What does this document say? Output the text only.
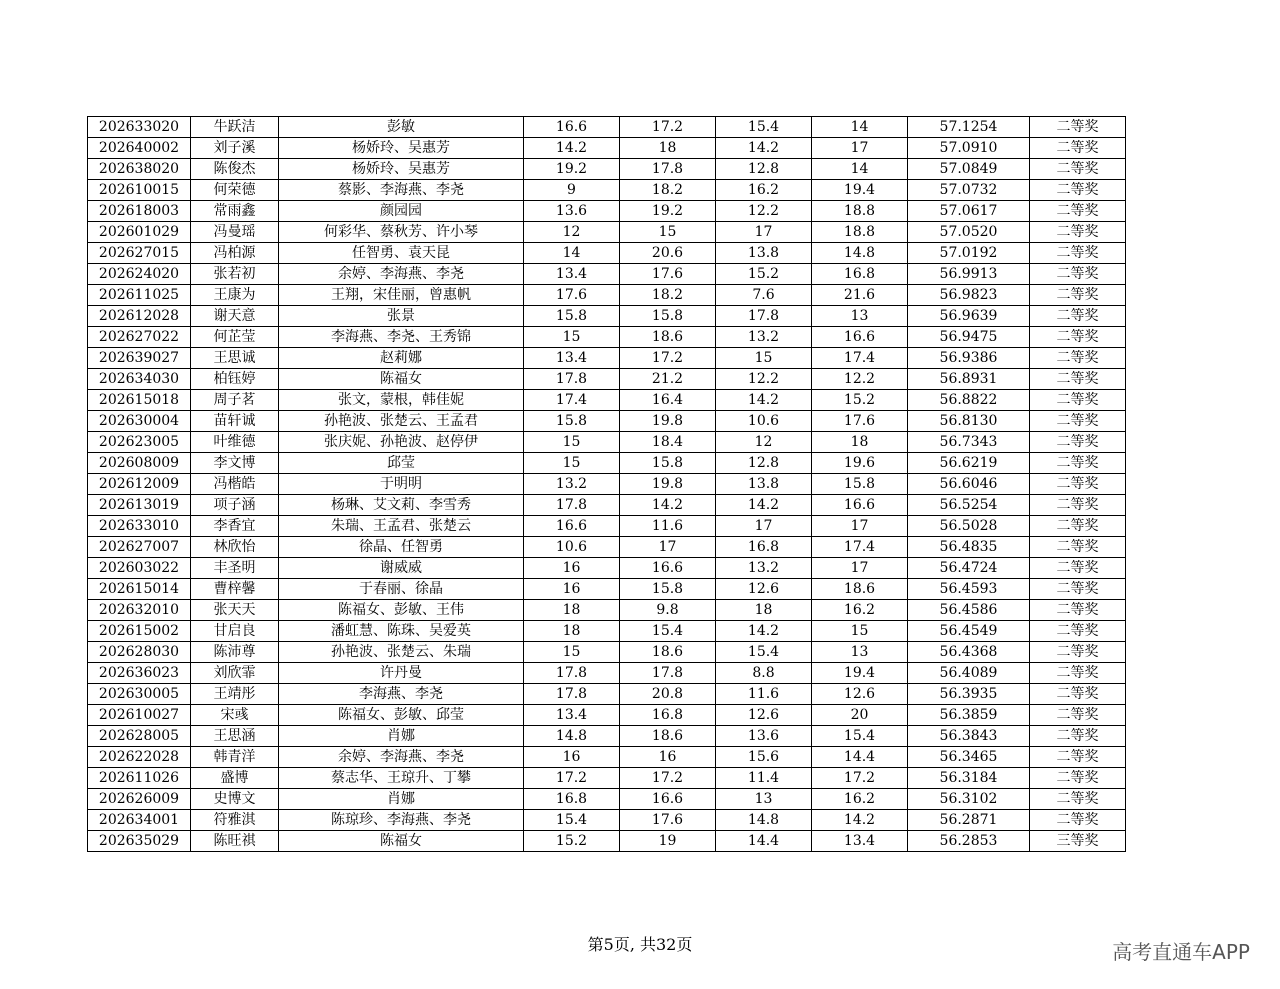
202633020	牛跃洁	彭敏	16.6	17.2	15.4	14	57.1254	二等奖
202640002	刘子溪	杨娇玲、吴惠芳	14.2	18	14.2	17	57.0910	二等奖
202638020	陈俊杰	杨娇玲、吴惠芳	19.2	17.8	12.8	14	57.0849	二等奖
202610015	何荣德	蔡影、李海燕、李尧	9	18.2	16.2	19.4	57.0732	二等奖
202618003	常雨鑫	颜园园	13.6	19.2	12.2	18.8	57.0617	二等奖
202601029	冯曼瑶	何彩华、蔡秋芳、许小琴	12	15	17	18.8	57.0520	二等奖
202627015	冯柏源	任智勇、袁天昆	14	20.6	13.8	14.8	57.0192	二等奖
202624020	张若初	余婷、李海燕、李尧	13.4	17.6	15.2	16.8	56.9913	二等奖
202611025	王康为	王翔，宋佳丽，曾惠帆	17.6	18.2	7.6	21.6	56.9823	二等奖
202612028	谢天意	张景	15.8	15.8	17.8	13	56.9639	二等奖
202627022	何芷莹	李海燕、李尧、王秀锦	15	18.6	13.2	16.6	56.9475	二等奖
202639027	王思诚	赵莉娜	13.4	17.2	15	17.4	56.9386	二等奖
202634030	柏钰婷	陈福女	17.8	21.2	12.2	12.2	56.8931	二等奖
202615018	周子茗	张文，蒙根，韩佳妮	17.4	16.4	14.2	15.2	56.8822	二等奖
202630004	苗轩诚	孙艳波、张楚云、王孟君	15.8	19.8	10.6	17.6	56.8130	二等奖
202623005	叶维德	张庆妮、孙艳波、赵停伊	15	18.4	12	18	56.7343	二等奖
202608009	李文博	邱莹	15	15.8	12.8	19.6	56.6219	二等奖
202612009	冯楷皓	于明明	13.2	19.8	13.8	15.8	56.6046	二等奖
202613019	项子涵	杨琳、艾文莉、李雪秀	17.8	14.2	14.2	16.6	56.5254	二等奖
202633010	李香宜	朱瑞、王孟君、张楚云	16.6	11.6	17	17	56.5028	二等奖
202627007	林欣怡	徐晶、任智勇	10.6	17	16.8	17.4	56.4835	二等奖
202603022	丰圣明	谢威威	16	16.6	13.2	17	56.4724	二等奖
202615014	曹梓馨	于春丽、徐晶	16	15.8	12.6	18.6	56.4593	二等奖
202632010	张天天	陈福女、彭敏、王伟	18	9.8	18	16.2	56.4586	二等奖
202615002	甘启良	潘虹慧、陈珠、吴爱英	18	15.4	14.2	15	56.4549	二等奖
202628030	陈沛尊	孙艳波、张楚云、朱瑞	15	18.6	15.4	13	56.4368	二等奖
202636023	刘欣霏	许丹曼	17.8	17.8	8.8	19.4	56.4089	二等奖
202630005	王靖彤	李海燕、李尧	17.8	20.8	11.6	12.6	56.3935	二等奖
202610027	宋彧	陈福女、彭敏、邱莹	13.4	16.8	12.6	20	56.3859	二等奖
202628005	王思涵	肖娜	14.8	18.6	13.6	15.4	56.3843	二等奖
202622028	韩青洋	余婷、李海燕、李尧	16	16	15.6	14.4	56.3465	二等奖
202611026	盛博	蔡志华、王琼升、丁攀	17.2	17.2	11.4	17.2	56.3184	二等奖
202626009	史博文	肖娜	16.8	16.6	13	16.2	56.3102	二等奖
202634001	符雅淇	陈琼珍、李海燕、李尧	15.4	17.6	14.8	14.2	56.2871	二等奖
202635029	陈旺祺	陈福女	15.2	19	14.4	13.4	56.2853	三等奖
第5页, 共32页	高考直通车APP
